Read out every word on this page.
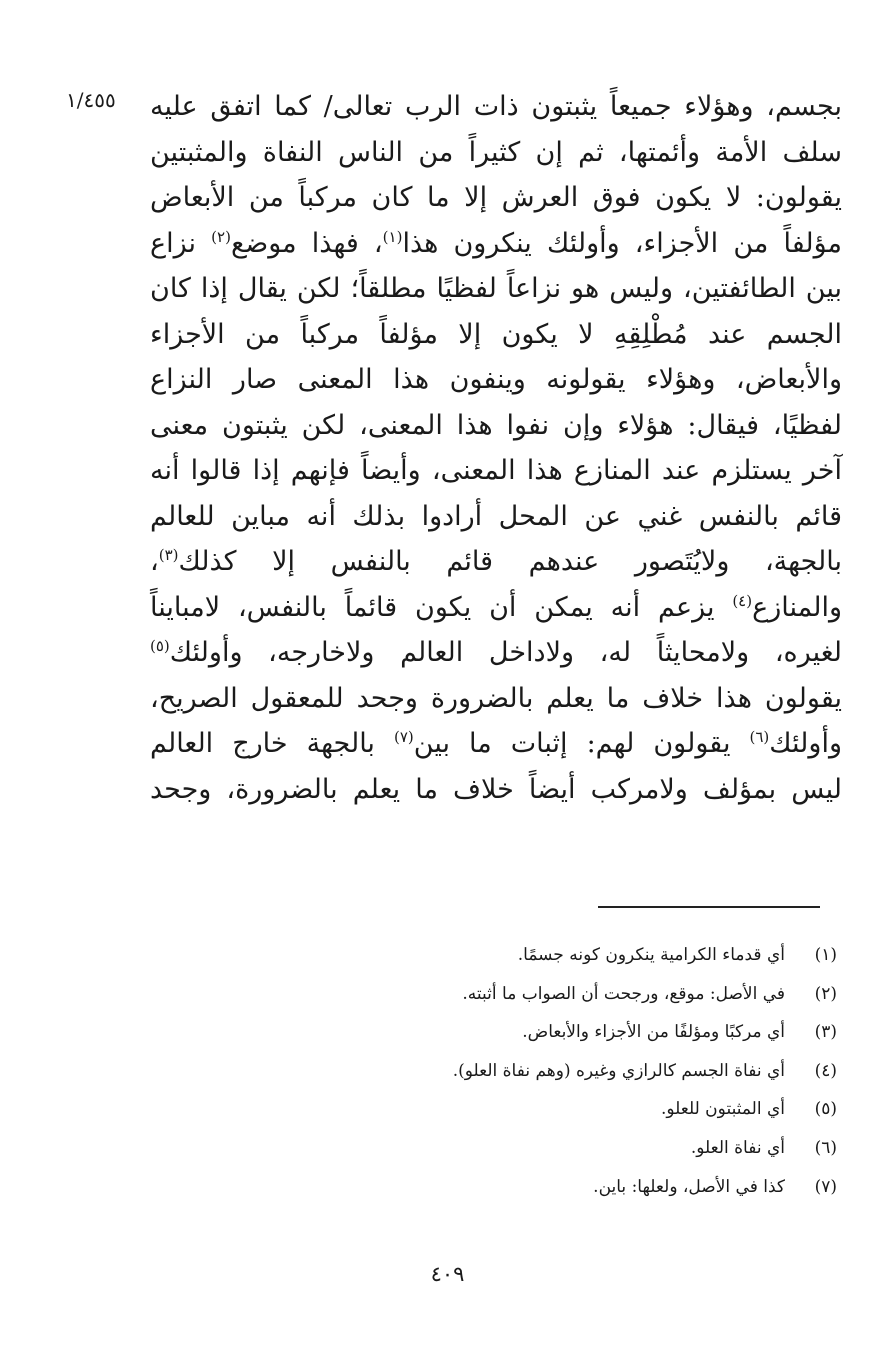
١/٤٥٥ بجسم، وهؤلاء جميعاً يثبتون ذات الرب تعالى/ كما اتفق عليه
سلف الأمة وأئمتها، ثم إن كثيراً من الناس النفاة والمثبتين
يقولون: لا يكون فوق العرش إلا ما كان مركباً من الأبعاض
مؤلفاً من الأجزاء، وأولئك ينكرون هذا$^{(١)}$، فهذا موضع$^{(٢)}$ نزاع
بين الطائفتين، وليس هو نزاعاً لفظيًا مطلقاً؛ لكن يقال إذا كان
الجسم عند مُطْلِقِهِ لا يكون إلا مؤلفاً مركباً من الأجزاء
والأبعاض، وهؤلاء يقولونه وينفون هذا المعنى صار النزاع
لفظيًا، فيقال: هؤلاء وإن نفوا هذا المعنى، لكن يثبتون معنى
آخر يستلزم عند المنازع هذا المعنى، وأيضاً فإنهم إذا قالوا أنه
قائم بالنفس غني عن المحل أرادوا بذلك أنه مباين للعالم
بالجهة، ولايُتَصور عندهم قائم بالنفس إلا كذلك$^{(٣)}$،
والمنازع$^{(٤)}$ يزعم أنه يمكن أن يكون قائماً بالنفس، لامبايناً
لغيره، ولامحايثاً له، ولاداخل العالم ولاخارجه، وأولئك$^{(٥)}$
يقولون هذا خلاف ما يعلم بالضرورة وجحد للمعقول الصريح،
وأولئك$^{(٦)}$ يقولون لهم: إثبات ما بين$^{(٧)}$ بالجهة خارج العالم
ليس بمؤلف ولامركب أيضاً خلاف ما يعلم بالضرورة، وجحد
(١)
أي قدماء الكرامية ينكرون كونه جسمًا.
(٢)
في الأصل: موقع، ورجحت أن الصواب ما أثبته.
(٣)
أي مركبًا ومؤلفًا من الأجزاء والأبعاض.
(٤)
أي نفاة الجسم كالرازي وغيره (وهم نفاة العلو).
(٥)
أي المثبتون للعلو.
(٦)
أي نفاة العلو.
(٧)
كذا في الأصل، ولعلها: باين.
٤٠٩
